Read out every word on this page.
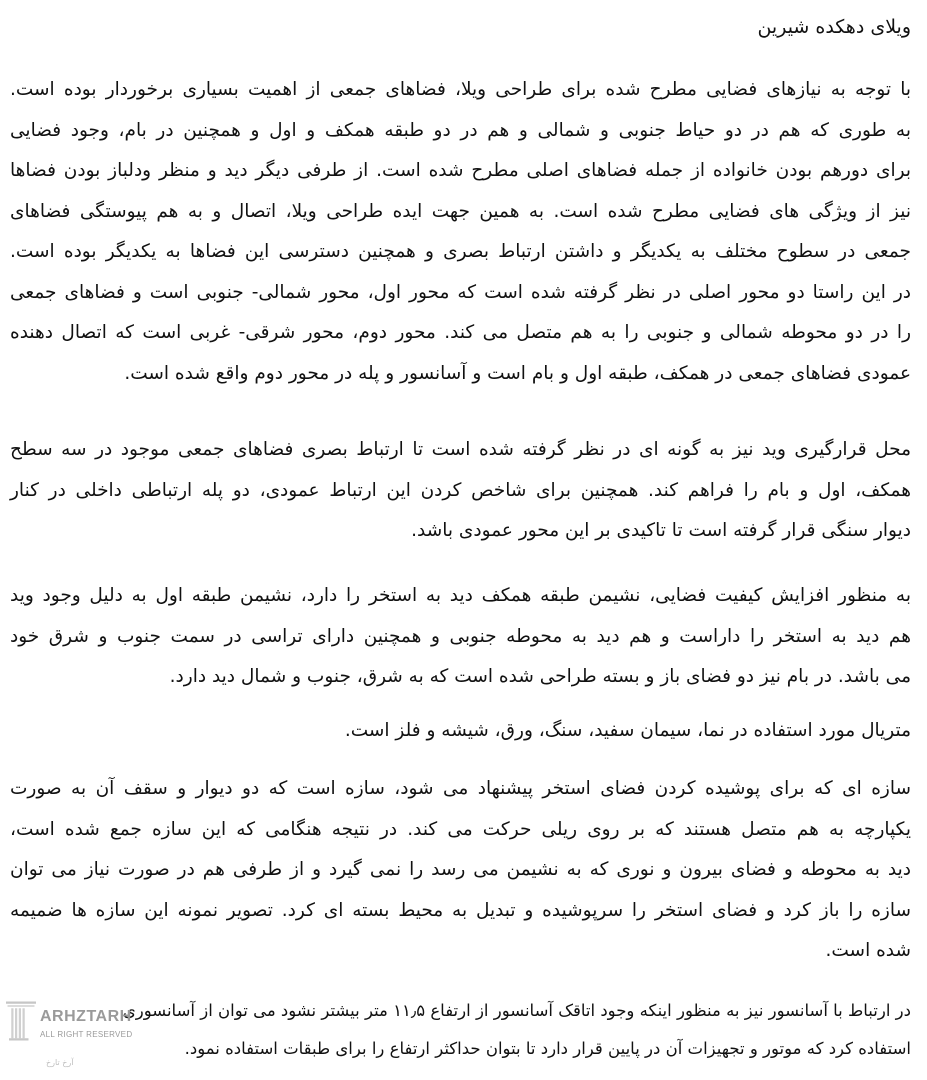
ویلای دهکده شیرین
با توجه به نیازهای فضایی مطرح شده برای طراحی ویلا، فضاهای جمعی از اهمیت بسیاری برخوردار بوده است.
به طوری که هم در دو حیاط جنوبی و شمالی و هم در دو طبقه همکف و اول و همچنین در بام، وجود فضایی
برای دورهم بودن خانواده از جمله فضاهای اصلی مطرح شده است. از طرفی دیگر دید و منظر ودلباز بودن فضاها
نیز از ویژگی های فضایی مطرح شده است. به همین جهت ایده طراحی ویلا، اتصال و به هم پیوستگی فضاهای
جمعی در سطوح مختلف به یکدیگر و داشتن ارتباط بصری و همچنین دسترسی این فضاها به یکدیگر بوده است.
در این راستا دو محور اصلی در نظر گرفته شده است که محور اول، محور شمالی- جنوبی است و فضاهای جمعی
را در دو محوطه شمالی و جنوبی را به هم متصل می کند. محور دوم، محور شرقی- غربی است که اتصال دهنده
عمودی فضاهای جمعی در همکف، طبقه اول و بام است و آسانسور و پله در محور دوم واقع شده است.
محل قرارگیری وید نیز به گونه ای در نظر گرفته شده است تا ارتباط بصری فضاهای جمعی موجود در سه سطح
همکف، اول و بام را فراهم کند. همچنین برای شاخص کردن این ارتباط عمودی، دو پله ارتباطی داخلی در کنار
دیوار سنگی قرار گرفته است تا تاکیدی بر این محور عمودی باشد.
به منظور افزایش کیفیت فضایی، نشیمن طبقه همکف دید به استخر را دارد، نشیمن طبقه اول به دلیل وجود وید
هم دید به استخر را داراست و هم دید به محوطه جنوبی و همچنین دارای تراسی در سمت جنوب و شرق خود
می باشد. در بام نیز دو فضای باز و بسته طراحی شده است که به شرق، جنوب و شمال دید دارد.
متریال مورد استفاده در نما، سیمان سفید، سنگ، ورق، شیشه و فلز است.
سازه ای که برای پوشیده کردن فضای استخر پیشنهاد می شود، سازه است که دو دیوار و سقف آن به صورت
یکپارچه به هم متصل هستند که بر روی ریلی حرکت می کند. در نتیجه هنگامی که این سازه جمع شده است،
دید به محوطه و فضای بیرون و نوری که به نشیمن می رسد را نمی گیرد و از طرفی هم در صورت نیاز می توان
سازه را باز کرد و فضای استخر را سرپوشیده و تبدیل به محیط بسته ای کرد. تصویر نمونه این سازه ها ضمیمه
شده است.
در ارتباط با آسانسور نیز به منظور اینکه وجود اتاقک آسانسور از ارتفاع ۱۱٫۵ متر بیشتر نشود می توان از آسانسوری
استفاده کرد که موتور و تجهیزات آن در پایین قرار دارد تا بتوان حداکثر ارتفاع را برای طبقات استفاده نمود.
ARHZTARH
ALL RIGHT RESERVED
آرخ تارخ
